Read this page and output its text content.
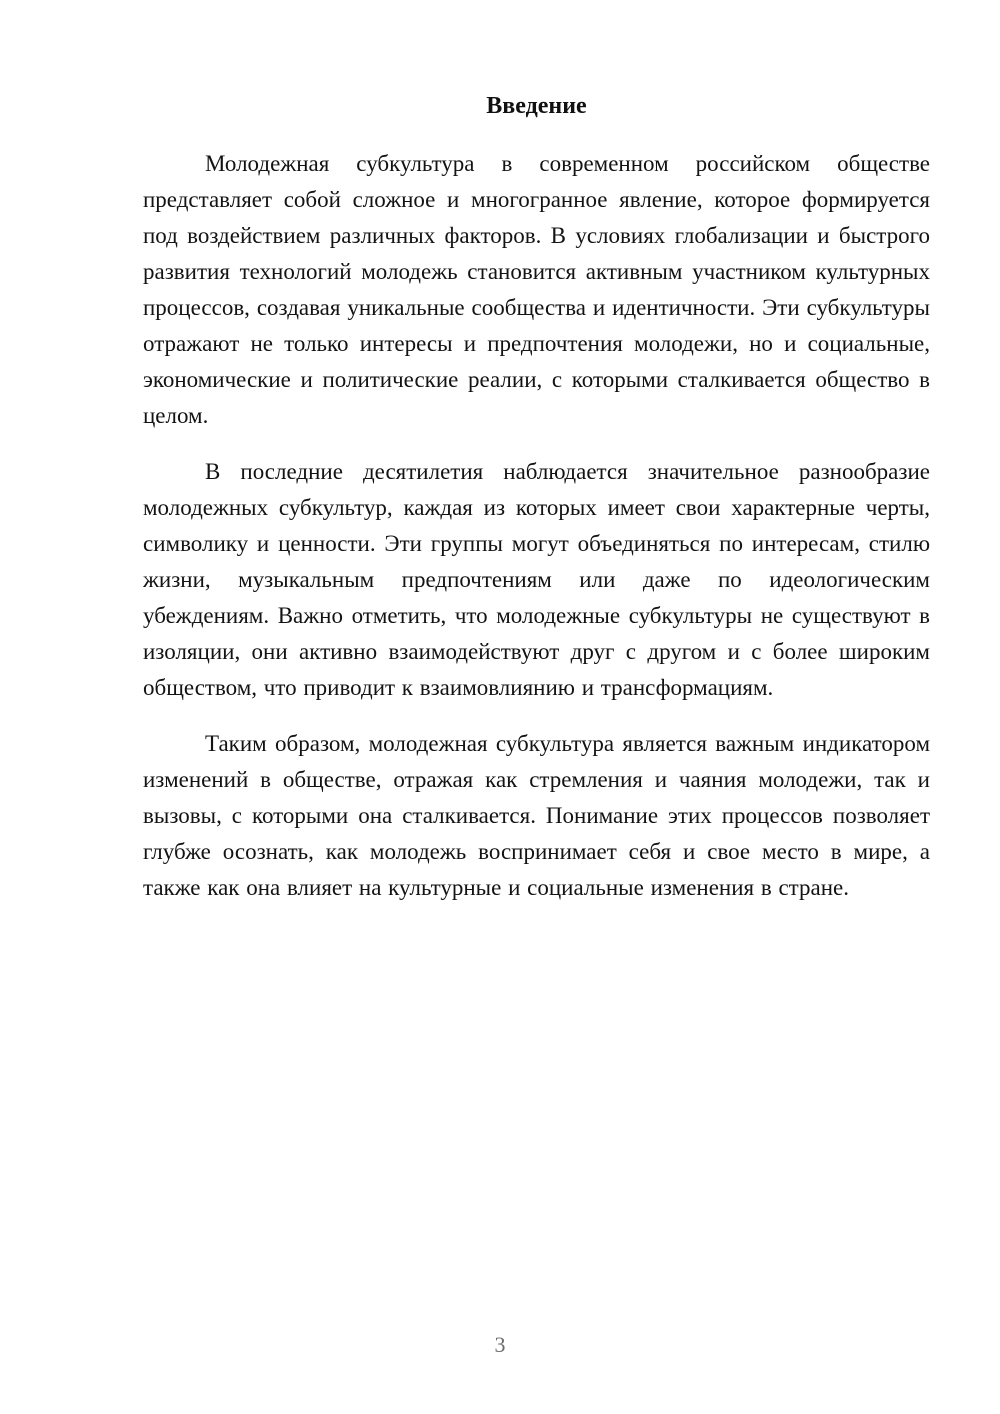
Введение

Молодежная субкультура в современном российском обществе представляет собой сложное и многогранное явление, которое формируется под воздействием различных факторов. В условиях глобализации и быстрого развития технологий молодежь становится активным участником культурных процессов, создавая уникальные сообщества и идентичности. Эти субкультуры отражают не только интересы и предпочтения молодежи, но и социальные, экономические и политические реалии, с которыми сталкивается общество в целом.

В последние десятилетия наблюдается значительное разнообразие молодежных субкультур, каждая из которых имеет свои характерные черты, символику и ценности. Эти группы могут объединяться по интересам, стилю жизни, музыкальным предпочтениям или даже по идеологическим убеждениям. Важно отметить, что молодежные субкультуры не существуют в изоляции, они активно взаимодействуют друг с другом и с более широким обществом, что приводит к взаимовлиянию и трансформациям.

Таким образом, молодежная субкультура является важным индикатором изменений в обществе, отражая как стремления и чаяния молодежи, так и вызовы, с которыми она сталкивается. Понимание этих процессов позволяет глубже осознать, как молодежь воспринимает себя и свое место в мире, а также как она влияет на культурные и социальные изменения в стране.

3
